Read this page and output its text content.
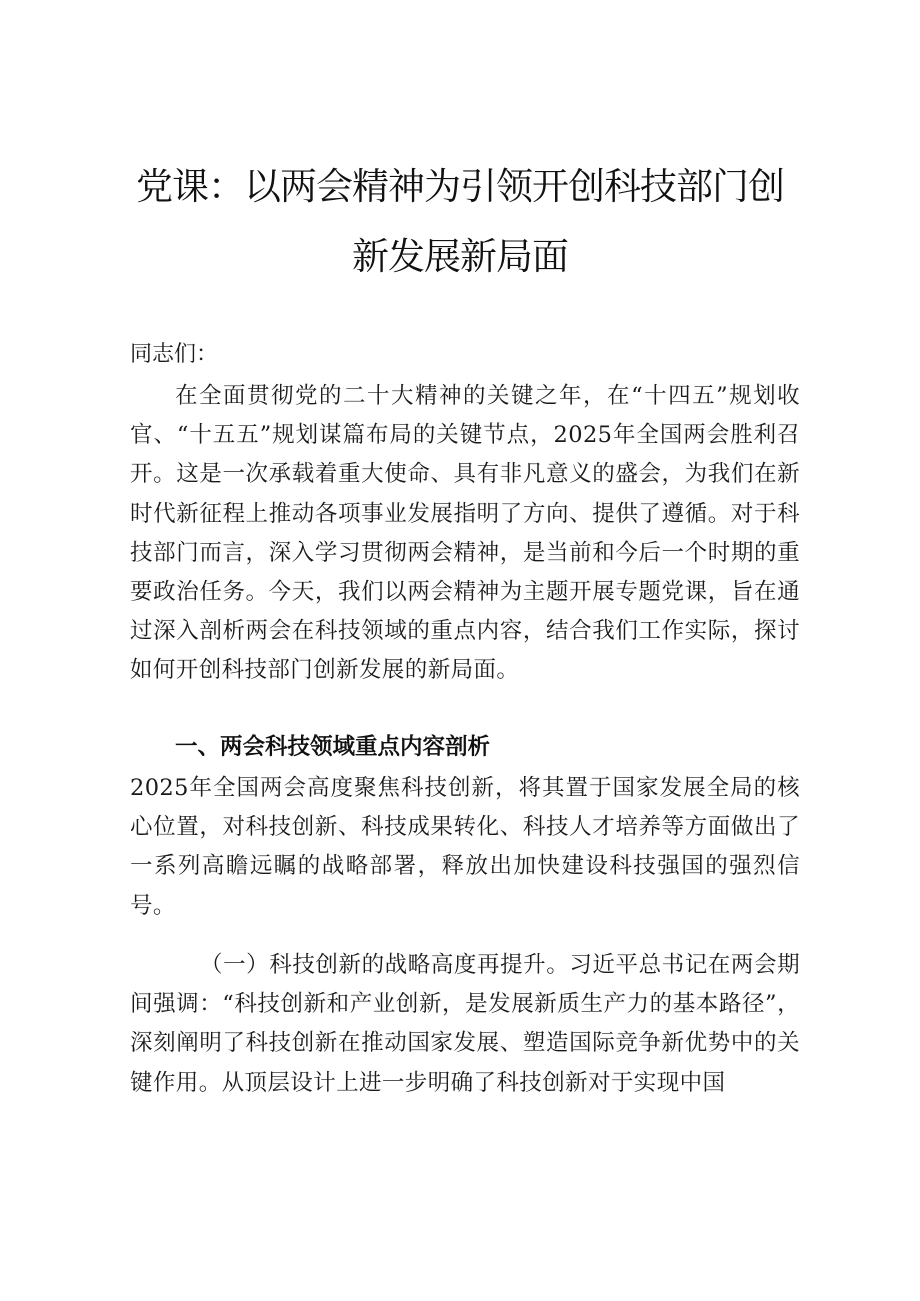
党课：以两会精神为引领开创科技部门创
新发展新局面

同志们：

在全面贯彻党的二十大精神的关键之年，在“十四五”规划收官、“十五五”规划谋篇布局的关键节点，2025年全国两会胜利召开。这是一次承载着重大使命、具有非凡意义的盛会，为我们在新时代新征程上推动各项事业发展指明了方向、提供了遵循。对于科技部门而言，深入学习贯彻两会精神，是当前和今后一个时期的重要政治任务。今天，我们以两会精神为主题开展专题党课，旨在通过深入剖析两会在科技领域的重点内容，结合我们工作实际，探讨如何开创科技部门创新发展的新局面。

一、两会科技领域重点内容剖析

2025年全国两会高度聚焦科技创新，将其置于国家发展全局的核心位置，对科技创新、科技成果转化、科技人才培养等方面做出了一系列高瞻远瞩的战略部署，释放出加快建设科技强国的强烈信号。

（一）科技创新的战略高度再提升。习近平总书记在两会期间强调：“科技创新和产业创新，是发展新质生产力的基本路径”，深刻阐明了科技创新在推动国家发展、塑造国际竞争新优势中的关键作用。从顶层设计上进一步明确了科技创新对于实现中国
